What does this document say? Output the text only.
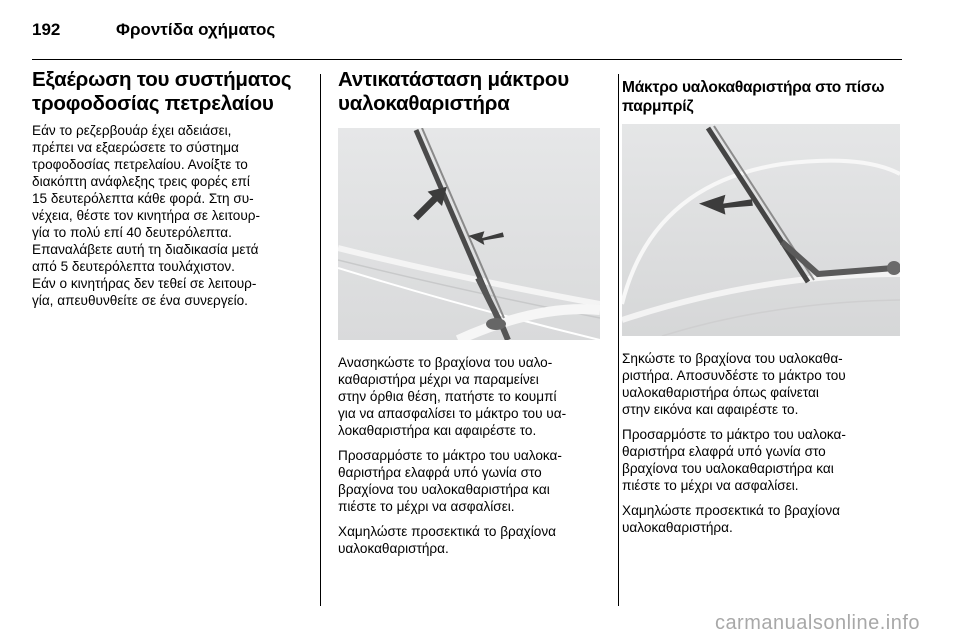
192	Φροντίδα οχήματος
Εξαέρωση του συστήματος τροφοδοσίας πετρελαίου

Εάν το ρεζερβουάρ έχει αδειάσει,
πρέπει να εξαερώσετε το σύστημα
τροφοδοσίας πετρελαίου. Ανοίξτε το
διακόπτη ανάφλεξης τρεις φορές επί
15 δευτερόλεπτα κάθε φορά. Στη συ-
νέχεια, θέστε τον κινητήρα σε λειτουρ-
γία το πολύ επί 40 δευτερόλεπτα.
Επαναλάβετε αυτή τη διαδικασία μετά
από 5 δευτερόλεπτα τουλάχιστον.
Εάν ο κινητήρας δεν τεθεί σε λειτουρ-
γία, απευθυνθείτε σε ένα συνεργείο.

Αντικατάσταση μάκτρου υαλοκαθαριστήρα

Ανασηκώστε το βραχίονα του υαλο-
καθαριστήρα μέχρι να παραμείνει
στην όρθια θέση, πατήστε το κουμπί
για να απασφαλίσει το μάκτρο του υα-
λοκαθαριστήρα και αφαιρέστε το.

Προσαρμόστε το μάκτρο του υαλοκα-
θαριστήρα ελαφρά υπό γωνία στο
βραχίονα του υαλοκαθαριστήρα και
πιέστε το μέχρι να ασφαλίσει.

Χαμηλώστε προσεκτικά το βραχίονα
υαλοκαθαριστήρα.

Μάκτρο υαλοκαθαριστήρα στο πίσω παρμπρίζ

Σηκώστε το βραχίονα του υαλοκαθα-
ριστήρα. Αποσυνδέστε το μάκτρο του
υαλοκαθαριστήρα όπως φαίνεται
στην εικόνα και αφαιρέστε το.

Προσαρμόστε το μάκτρο του υαλοκα-
θαριστήρα ελαφρά υπό γωνία στο
βραχίονα του υαλοκαθαριστήρα και
πιέστε το μέχρι να ασφαλίσει.

Χαμηλώστε προσεκτικά το βραχίονα
υαλοκαθαριστήρα.

carmanualsonline.info
